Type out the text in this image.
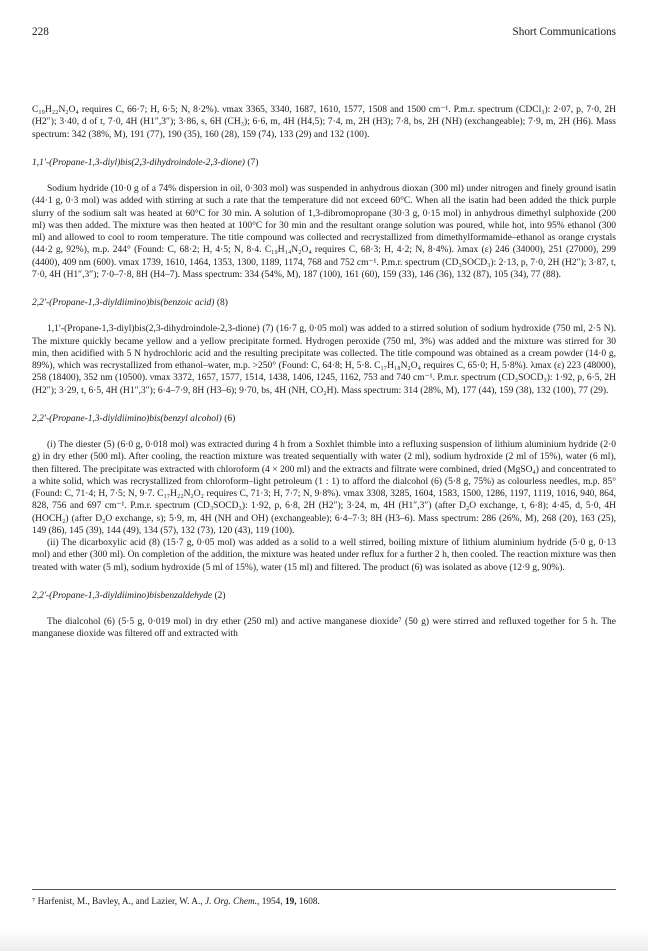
228	Short Communications

C₁₉H₂₂N₂O₄ requires C, 66·7; H, 6·5; N, 8·2%). νmax 3365, 3340, 1687, 1610, 1577, 1508 and 1500 cm⁻¹. P.m.r. spectrum (CDCl₃): 2·07, p, 7·0, 2H (H2″); 3·40, d of t, 7·0, 4H (H1″,3″); 3·86, s, 6H (CH₃); 6·6, m, 4H (H4,5); 7·4, m, 2H (H3); 7·8, bs, 2H (NH) (exchangeable); 7·9, m, 2H (H6). Mass spectrum: 342 (38%, M), 191 (77), 190 (35), 160 (28), 159 (74), 133 (29) and 132 (100).

1,1′-(Propane-1,3-diyl)bis(2,3-dihydroindole-2,3-dione) (7)

Sodium hydride (10·0 g of a 74% dispersion in oil, 0·303 mol) was suspended in anhydrous dioxan (300 ml) under nitrogen and finely ground isatin (44·1 g, 0·3 mol) was added with stirring at such a rate that the temperature did not exceed 60°C. When all the isatin had been added the thick purple slurry of the sodium salt was heated at 60°C for 30 min. A solution of 1,3-dibromopropane (30·3 g, 0·15 mol) in anhydrous dimethyl sulphoxide (200 ml) was then added. The mixture was then heated at 100°C for 30 min and the resultant orange solution was poured, while hot, into 95% ethanol (300 ml) and allowed to cool to room temperature. The title compound was collected and recrystallized from dimethylformamide–ethanol as orange crystals (44·2 g, 92%), m.p. 244° (Found: C, 68·2; H, 4·5; N, 8·4. C₁₉H₁₄N₂O₄ requires C, 68·3; H, 4·2; N, 8·4%). λmax (ε) 246 (34000), 251 (27000), 299 (4400), 409 nm (600). νmax 1739, 1610, 1464, 1353, 1300, 1189, 1174, 768 and 752 cm⁻¹. P.m.r. spectrum (CD₃SOCD₃): 2·13, p, 7·0, 2H (H2″); 3·87, t, 7·0, 4H (H1″,3″); 7·0–7·8, 8H (H4–7). Mass spectrum: 334 (54%, M), 187 (100), 161 (60), 159 (33), 146 (36), 132 (87), 105 (34), 77 (88).

2,2′-(Propane-1,3-diyldiimino)bis(benzoic acid) (8)

1,1′-(Propane-1,3-diyl)bis(2,3-dihydroindole-2,3-dione) (7) (16·7 g, 0·05 mol) was added to a stirred solution of sodium hydroxide (750 ml, 2·5 N). The mixture quickly became yellow and a yellow precipitate formed. Hydrogen peroxide (750 ml, 3%) was added and the mixture was stirred for 30 min, then acidified with 5 N hydrochloric acid and the resulting precipitate was collected. The title compound was obtained as a cream powder (14·0 g, 89%), which was recrystallized from ethanol–water, m.p. >250° (Found: C, 64·8; H, 5·8. C₁₇H₁₈N₂O₄ requires C, 65·0; H, 5·8%). λmax (ε) 223 (48000), 258 (18400), 352 nm (10500). νmax 3372, 1657, 1577, 1514, 1438, 1406, 1245, 1162, 753 and 740 cm⁻¹. P.m.r. spectrum (CD₃SOCD₃): 1·92, p, 6·5, 2H (H2″); 3·29, t, 6·5, 4H (H1″,3″); 6·4–7·9, 8H (H3–6); 9·70, bs, 4H (NH, CO₂H). Mass spectrum: 314 (28%, M), 177 (44), 159 (38), 132 (100), 77 (29).

2,2′-(Propane-1,3-diyldiimino)bis(benzyl alcohol) (6)

(i) The diester (5) (6·0 g, 0·018 mol) was extracted during 4 h from a Soxhlet thimble into a refluxing suspension of lithium aluminium hydride (2·0 g) in dry ether (500 ml). After cooling, the reaction mixture was treated sequentially with water (2 ml), sodium hydroxide (2 ml of 15%), water (6 ml), then filtered. The precipitate was extracted with chloroform (4 × 200 ml) and the extracts and filtrate were combined, dried (MgSO₄) and concentrated to a white solid, which was recrystallized from chloroform–light petroleum (1 : 1) to afford the dialcohol (6) (5·8 g, 75%) as colourless needles, m.p. 85° (Found: C, 71·4; H, 7·5; N, 9·7. C₁₇H₂₂N₂O₂ requires C, 71·3; H, 7·7; N, 9·8%). νmax 3308, 3285, 1604, 1583, 1500, 1286, 1197, 1119, 1016, 940, 864, 828, 756 and 697 cm⁻¹. P.m.r. spectrum (CD₃SOCD₃): 1·92, p, 6·8, 2H (H2″); 3·24, m, 4H (H1″,3″) (after D₂O exchange, t, 6·8); 4·45, d, 5·0, 4H (HOCH₂) (after D₂O exchange, s); 5·9, m, 4H (NH and OH) (exchangeable); 6·4–7·3; 8H (H3–6). Mass spectrum: 286 (26%, M), 268 (20), 163 (25), 149 (86), 145 (39), 144 (49), 134 (57), 132 (73), 120 (43), 119 (100).

(ii) The dicarboxylic acid (8) (15·7 g, 0·05 mol) was added as a solid to a well stirred, boiling mixture of lithium aluminium hydride (5·0 g, 0·13 mol) and ether (300 ml). On completion of the addition, the mixture was heated under reflux for a further 2 h, then cooled. The reaction mixture was then treated with water (5 ml), sodium hydroxide (5 ml of 15%), water (15 ml) and filtered. The product (6) was isolated as above (12·9 g, 90%).

2,2′-(Propane-1,3-diyldiimino)bisbenzaldehyde (2)

The dialcohol (6) (5·5 g, 0·019 mol) in dry ether (250 ml) and active manganese dioxide⁷ (50 g) were stirred and refluxed together for 5 h. The manganese dioxide was filtered off and extracted with

⁷ Harfenist, M., Bavley, A., and Lazier, W. A., J. Org. Chem., 1954, 19, 1608.
